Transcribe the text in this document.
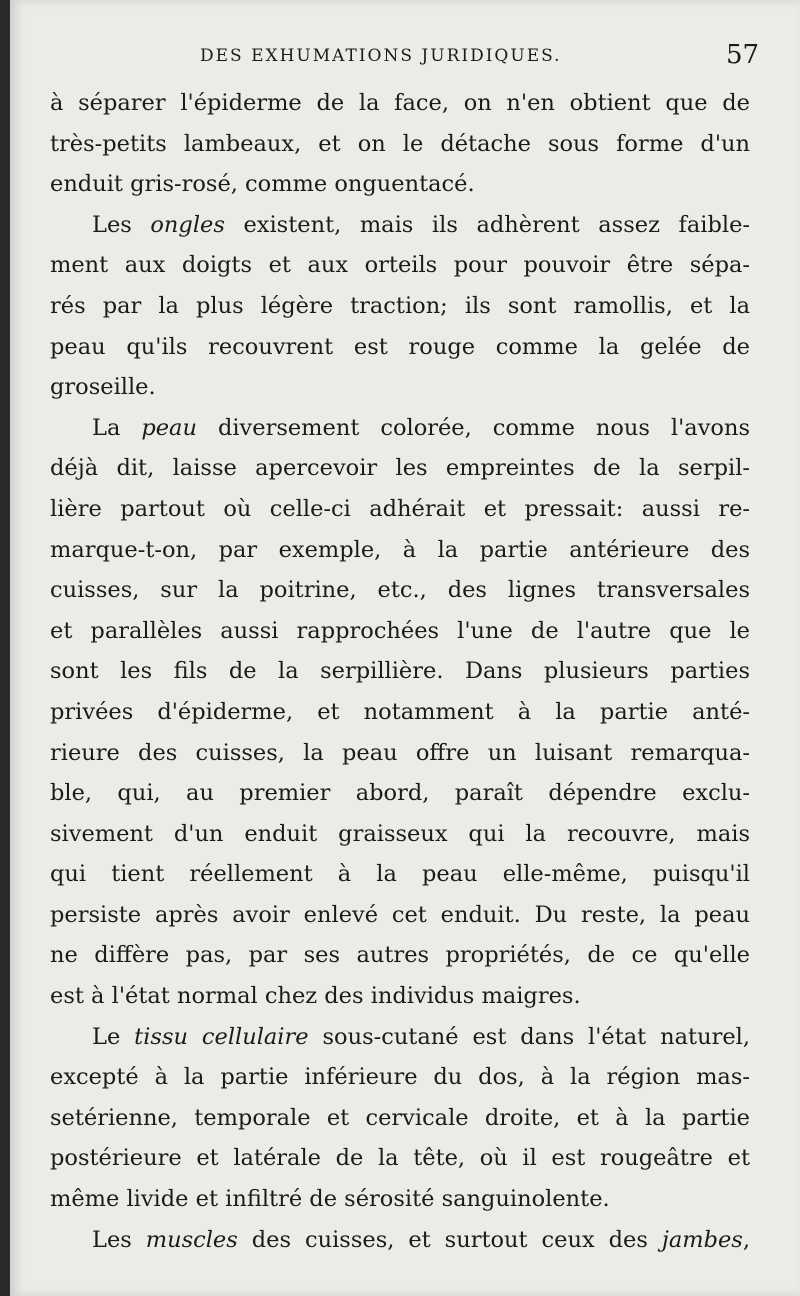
DES EXHUMATIONS JURIDIQUES.	57

à séparer l'épiderme de la face, on n'en obtient que de
très-petits lambeaux, et on le détache sous forme d'un
enduit gris-rosé, comme onguentacé.

Les ongles existent, mais ils adhèrent assez faible-
ment aux doigts et aux orteils pour pouvoir être sépa-
rés par la plus légère traction; ils sont ramollis, et la
peau qu'ils recouvrent est rouge comme la gelée de
groseille.

La peau diversement colorée, comme nous l'avons
déjà dit, laisse apercevoir les empreintes de la serpil-
lière partout où celle-ci adhérait et pressait: aussi re-
marque-t-on, par exemple, à la partie antérieure des
cuisses, sur la poitrine, etc., des lignes transversales
et parallèles aussi rapprochées l'une de l'autre que le
sont les fils de la serpillière. Dans plusieurs parties
privées d'épiderme, et notamment à la partie anté-
rieure des cuisses, la peau offre un luisant remarqua-
ble, qui, au premier abord, paraît dépendre exclu-
sivement d'un enduit graisseux qui la recouvre, mais
qui tient réellement à la peau elle-même, puisqu'il
persiste après avoir enlevé cet enduit. Du reste, la peau
ne diffère pas, par ses autres propriétés, de ce qu'elle
est à l'état normal chez des individus maigres.

Le tissu cellulaire sous-cutané est dans l'état naturel,
excepté à la partie inférieure du dos, à la région mas-
setérienne, temporale et cervicale droite, et à la partie
postérieure et latérale de la tête, où il est rougeâtre et
même livide et infiltré de sérosité sanguinolente.

Les muscles des cuisses, et surtout ceux des jambes,
